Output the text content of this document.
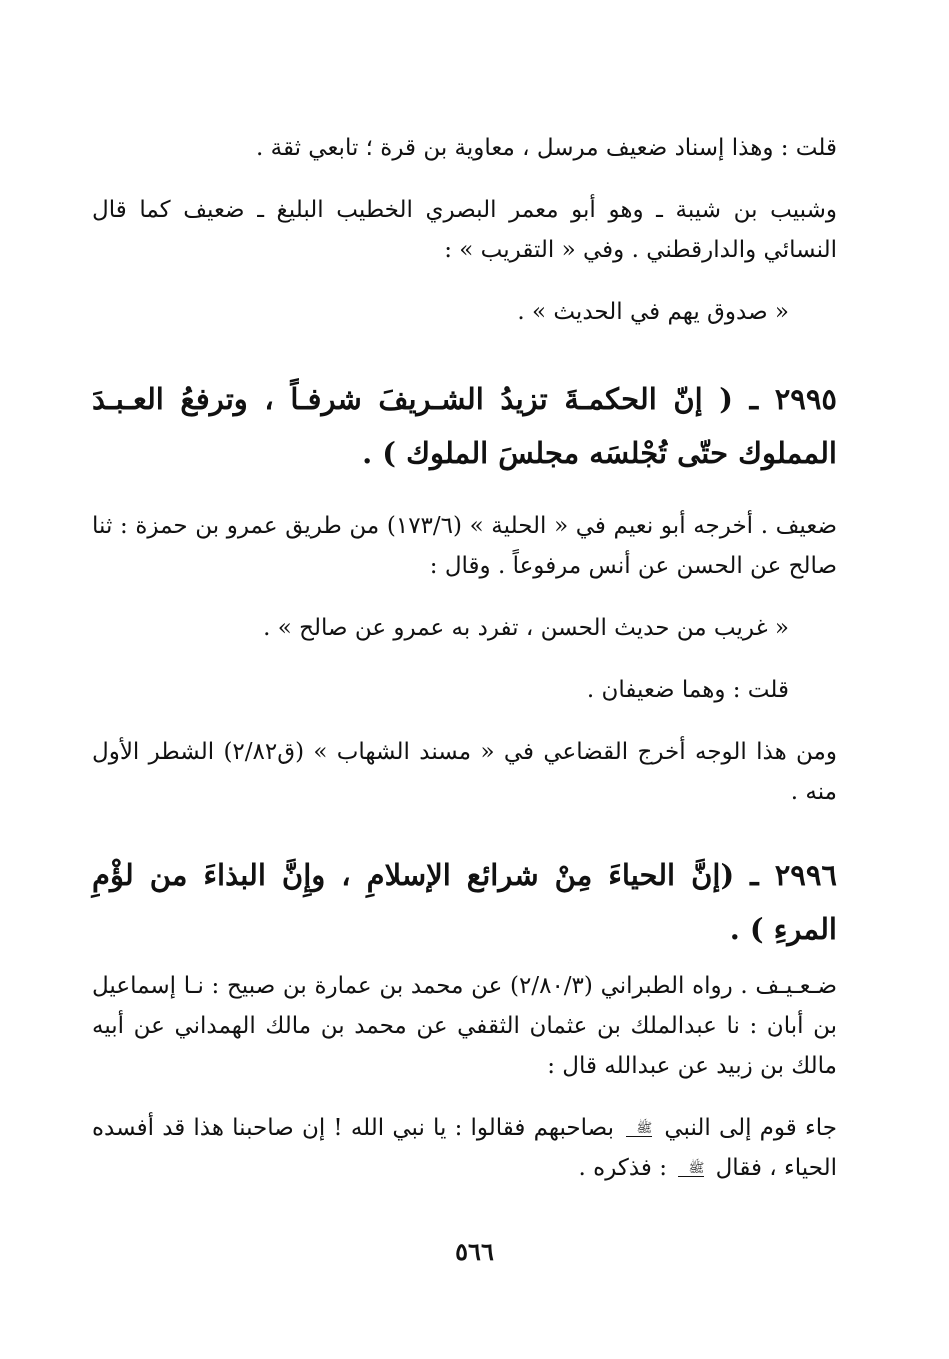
قلت : وهذا إسناد ضعيف مرسل ، معاوية بن قرة ؛ تابعي ثقة .

وشبيب بن شيبة ـ وهو أبو معمر البصري الخطيب البليغ ـ ضعيف كما قال النسائي والدارقطني . وفي « التقريب » :

« صدوق يهم في الحديث » .

٢٩٩٥ ـ ( إنّ الحكمـةَ تزيدُ الشـريفَ شرفـاً ، وترفعُ العـبـدَ المملوك حتّى تُجْلسَه مجلسَ الملوك ) .

ضعيف . أخرجه أبو نعيم في « الحلية » (١٧٣/٦) من طريق عمرو بن حمزة : ثنا صالح عن الحسن عن أنس مرفوعاً . وقال :

« غريب من حديث الحسن ، تفرد به عمرو عن صالح » .

قلت : وهما ضعيفان .

ومن هذا الوجه أخرج القضاعي في « مسند الشهاب » (ق٢/٨٢) الشطر الأول منه .

٢٩٩٦ ـ (إنَّ الحياءَ مِنْ شرائع الإسلامِ ، وإِنَّ البذاءَ من لؤْمِ المرءِ ) .

ضـعـيـف . رواه الطبراني (٢/٨٠/٣) عن محمد بن عمارة بن صبيح : نـا إسماعيل بن أبان : نا عبدالملك بن عثمان الثقفي عن محمد بن مالك الهمداني عن أبيه مالك بن زبيد عن عبدالله قال :

جاء قوم إلى النبي ﷺ بصاحبهم فقالوا : يا نبي الله ! إن صاحبنا هذا قد أفسده الحياء ، فقال ﷺ : فذكره .

٥٦٦
